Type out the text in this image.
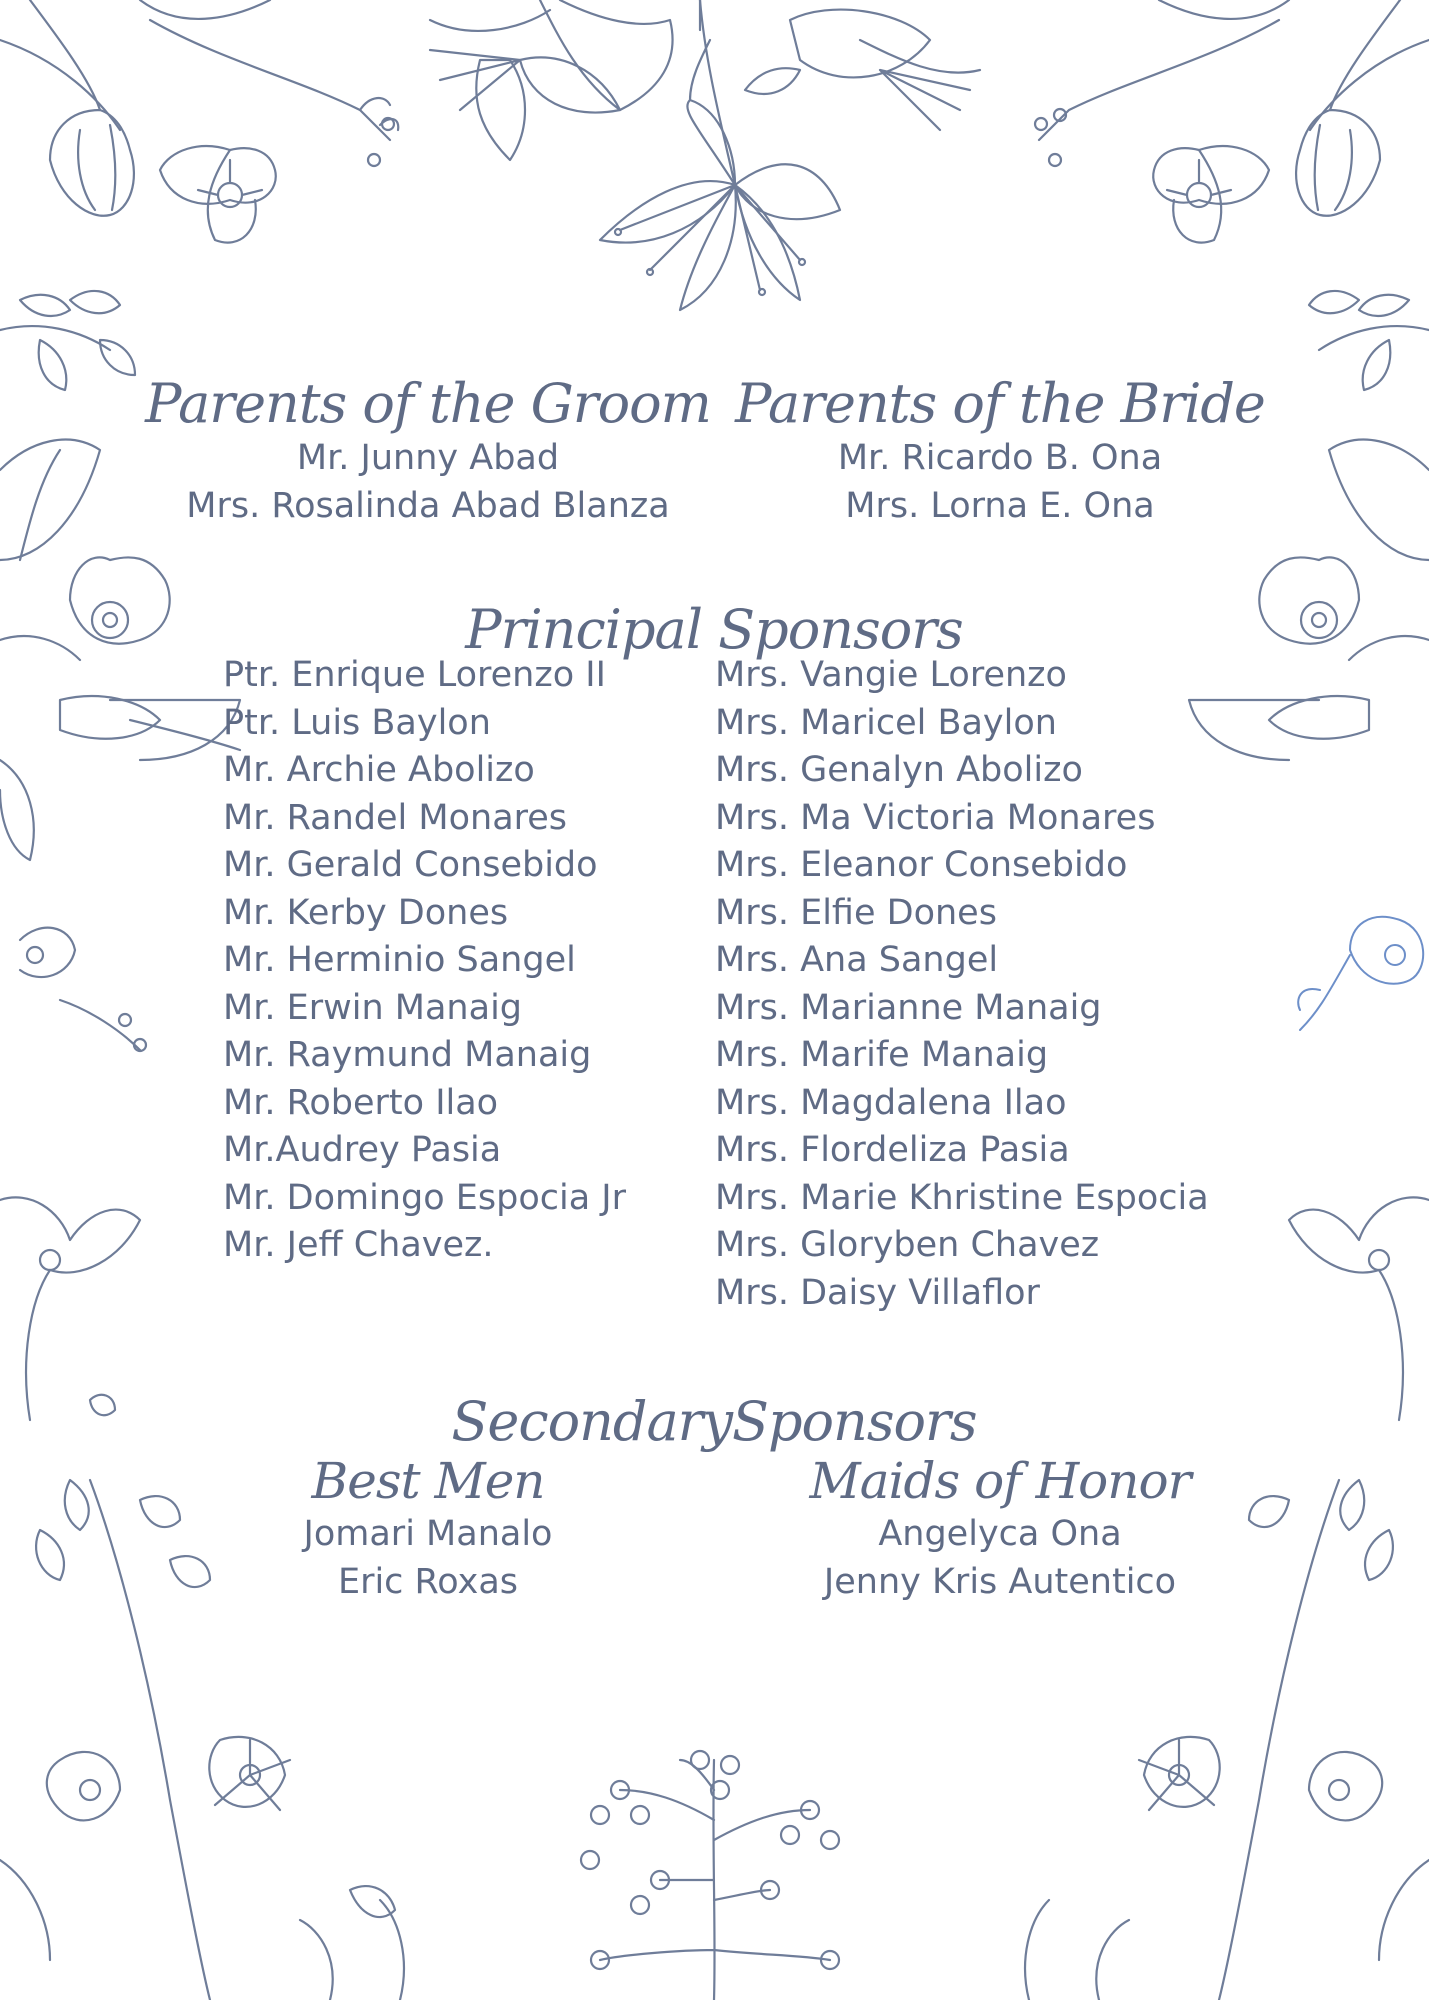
Parents of the Groom
Mr. Junny Abad
Mrs. Rosalinda Abad Blanza
Parents of the Bride
Mr. Ricardo B. Ona
Mrs. Lorna E. Ona
Principal Sponsors
Ptr. Enrique Lorenzo II
Ptr. Luis Baylon
Mr. Archie Abolizo
Mr. Randel Monares
Mr. Gerald Consebido
Mr. Kerby Dones
Mr. Herminio Sangel
Mr. Erwin Manaig
Mr. Raymund Manaig
Mr. Roberto Ilao
Mr.Audrey Pasia
Mr. Domingo Espocia Jr
Mr. Jeff Chavez.
Mrs. Vangie Lorenzo
Mrs. Maricel Baylon
Mrs. Genalyn Abolizo
Mrs. Ma Victoria Monares
Mrs. Eleanor Consebido
Mrs. Elfie Dones
Mrs. Ana Sangel
Mrs. Marianne Manaig
Mrs. Marife Manaig
Mrs. Magdalena Ilao
Mrs. Flordeliza Pasia
Mrs. Marie Khristine Espocia
Mrs. Gloryben Chavez
Mrs. Daisy Villaflor
SecondarySponsors
Best Men
Jomari Manalo
Eric Roxas
Maids of Honor
Angelyca Ona
Jenny Kris Autentico
